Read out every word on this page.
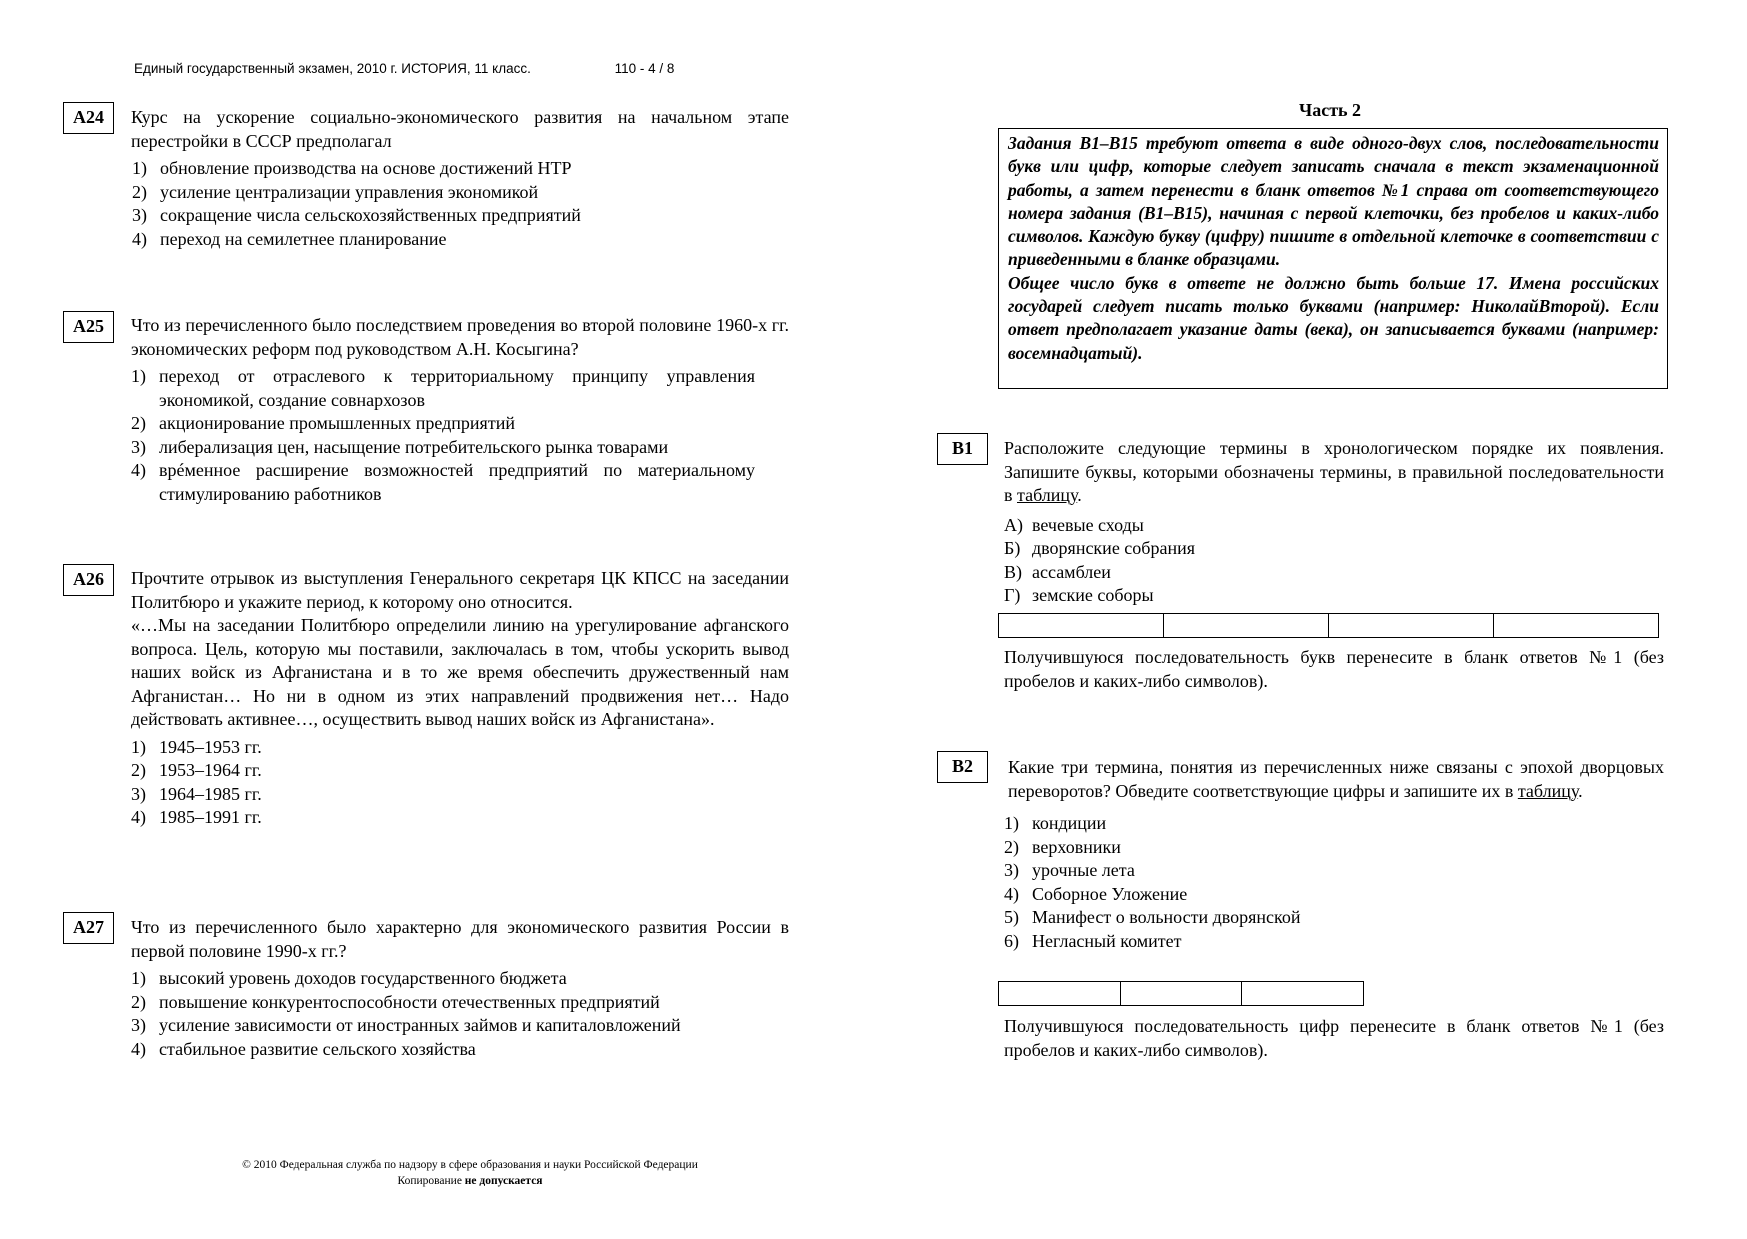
Единый государственный экзамен, 2010 г. ИСТОРИЯ, 11 класс.	110 - 4 / 8
А24	Курс на ускорение социально-экономического развития на начальном этапе перестройки в СССР предполагал
1) обновление производства на основе достижений НТР
2) усиление централизации управления экономикой
3) сокращение числа сельскохозяйственных предприятий
4) переход на семилетнее планирование
А25	Что из перечисленного было последствием проведения во второй половине 1960-х гг. экономических реформ под руководством А.Н. Косыгина?
1) переход от отраслевого к территориальному принципу управления экономикой, создание совнархозов
2) акционирование промышленных предприятий
3) либерализация цен, насыщение потребительского рынка товарами
4) врéменное расширение возможностей предприятий по материальному стимулированию работников
А26	Прочтите отрывок из выступления Генерального секретаря ЦК КПСС на заседании Политбюро и укажите период, к которому оно относится.
«…Мы на заседании Политбюро определили линию на урегулирование афганского вопроса. Цель, которую мы поставили, заключалась в том, чтобы ускорить вывод наших войск из Афганистана и в то же время обеспечить дружественный нам Афганистан… Но ни в одном из этих направлений продвижения нет… Надо действовать активнее…, осуществить вывод наших войск из Афганистана».
1) 1945–1953 гг.
2) 1953–1964 гг.
3) 1964–1985 гг.
4) 1985–1991 гг.
А27	Что из перечисленного было характерно для экономического развития России в первой половине 1990-х гг.?
1) высокий уровень доходов государственного бюджета
2) повышение конкурентоспособности отечественных предприятий
3) усиление зависимости от иностранных займов и капиталовложений
4) стабильное развитие сельского хозяйства
Часть 2
Задания В1–В15 требуют ответа в виде одного-двух слов, последовательности букв или цифр, которые следует записать сначала в текст экзаменационной работы, а затем перенести в бланк ответов №1 справа от соответствующего номера задания (В1–В15), начиная с первой клеточки, без пробелов и каких-либо символов. Каждую букву (цифру) пишите в отдельной клеточке в соответствии с приведенными в бланке образцами.
Общее число букв в ответе не должно быть больше 17. Имена российских государей следует писать только буквами (например: НиколайВторой). Если ответ предполагает указание даты (века), он записывается буквами (например: восемнадцатый).
В1	Расположите следующие термины в хронологическом порядке их появления. Запишите буквы, которыми обозначены термины, в правильной последовательности в таблицу.
А) вечевые сходы
Б) дворянские собрания
В) ассамблеи
Г) земские соборы
Получившуюся последовательность букв перенесите в бланк ответов №1 (без пробелов и каких-либо символов).
В2	Какие три термина, понятия из перечисленных ниже связаны с эпохой дворцовых переворотов? Обведите соответствующие цифры и запишите их в таблицу.
1) кондиции
2) верховники
3) урочные лета
4) Соборное Уложение
5) Манифест о вольности дворянской
6) Негласный комитет
Получившуюся последовательность цифр перенесите в бланк ответов №1 (без пробелов и каких-либо символов).
© 2010 Федеральная служба по надзору в сфере образования и науки Российской Федерации
Копирование не допускается
